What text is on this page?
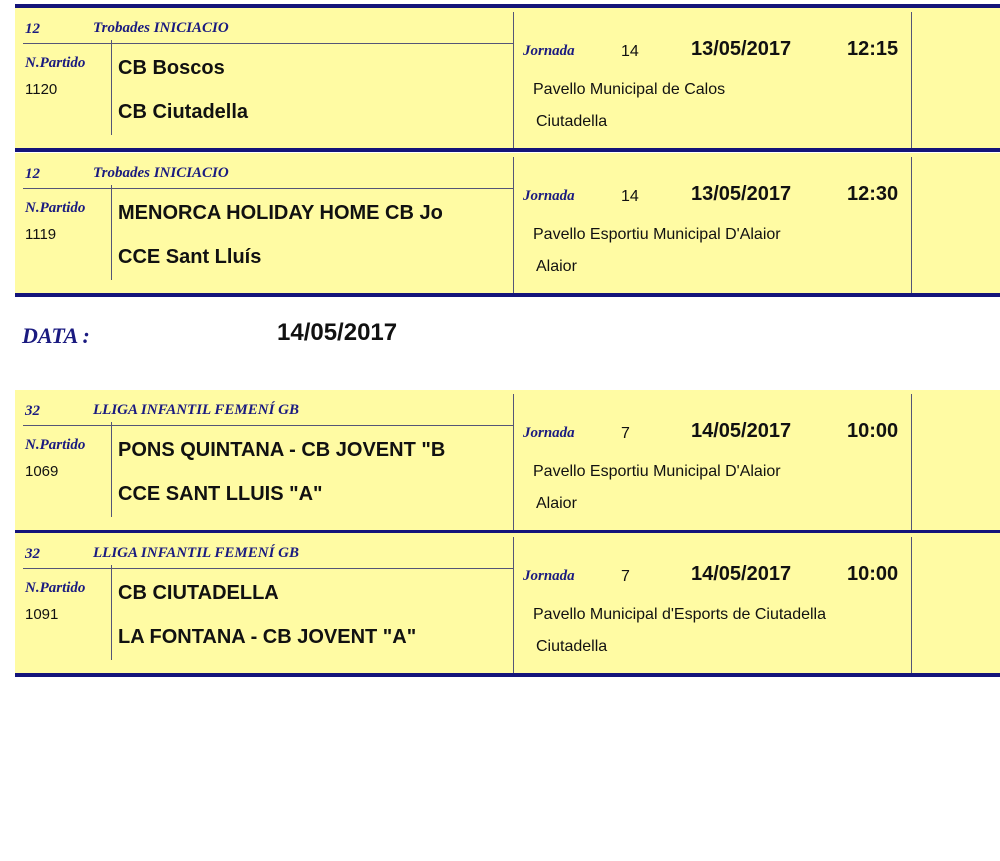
12	Trobades INICIACIO
N.Partido
1120
CB Boscos
CB Ciutadella
Jornada	14	13/05/2017	12:15
Pavello Municipal de Calos
Ciutadella
12	Trobades INICIACIO
N.Partido
1119
MENORCA HOLIDAY HOME CB Jo
CCE Sant Lluís
Jornada	14	13/05/2017	12:30
Pavello Esportiu Municipal D'Alaior
Alaior
32	LLIGA INFANTIL FEMENÍ GB
N.Partido
1069
PONS QUINTANA - CB JOVENT "B
CCE SANT LLUIS "A"
Jornada	7	14/05/2017	10:00
Pavello Esportiu Municipal D'Alaior
Alaior
32	LLIGA INFANTIL FEMENÍ GB
N.Partido
1091
CB CIUTADELLA
LA FONTANA - CB JOVENT "A"
Jornada	7	14/05/2017	10:00
Pavello Municipal d'Esports de Ciutadella
Ciutadella
DATA :	14/05/2017
